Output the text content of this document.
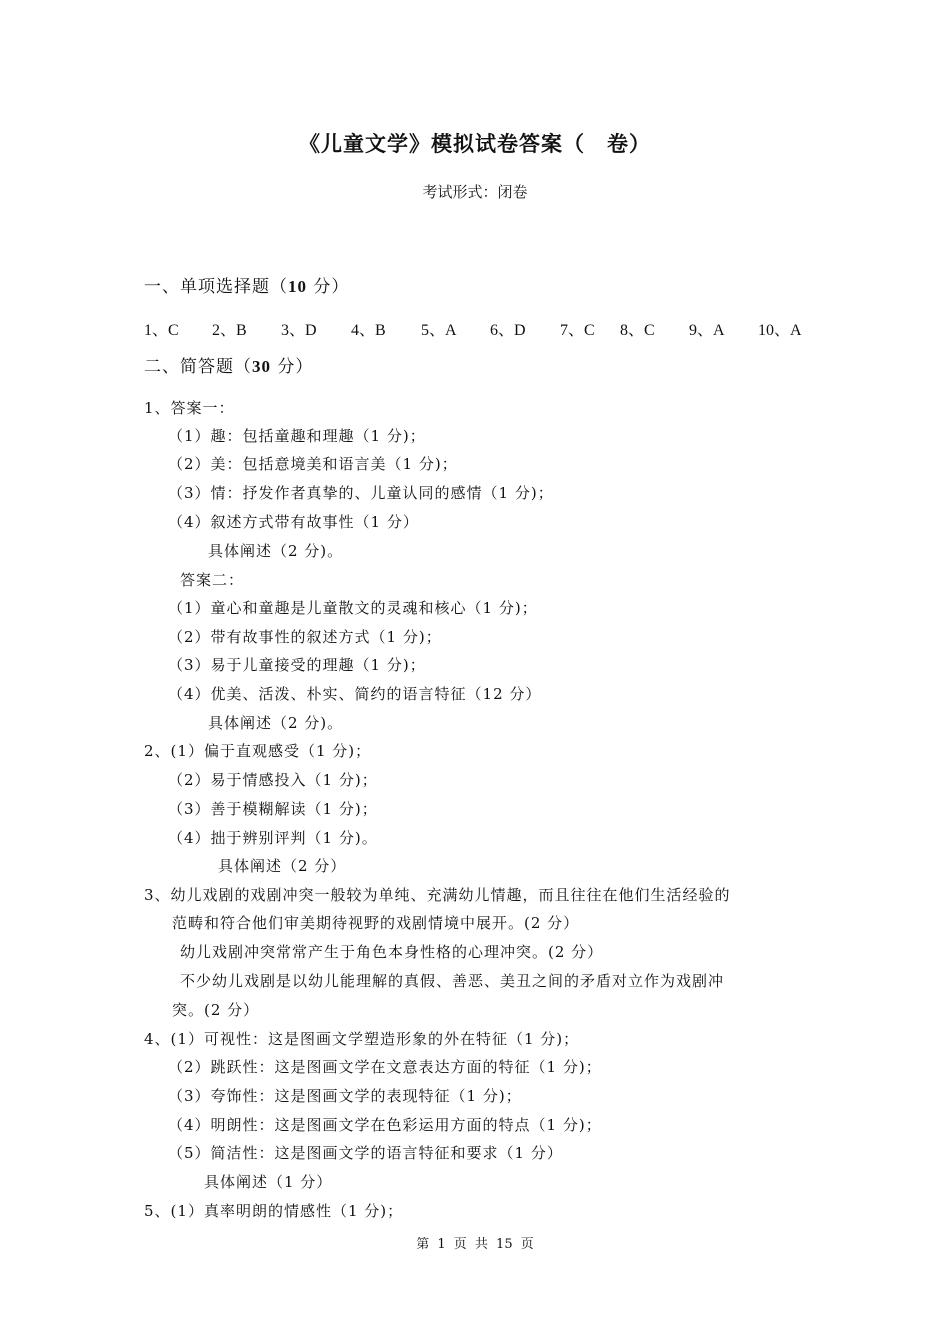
《儿童文学》模拟试卷答案（　卷）
考试形式：闭卷
一、单项选择题（10 分）
1、C 2、B 3、D 4、B 5、A 6、D 7、C 8、C 9、A 10、A
二、简答题（30 分）
1、答案一：
（1）趣：包括童趣和理趣（1 分)；
（2）美：包括意境美和语言美（1 分)；
（3）情：抒发作者真挚的、儿童认同的感情（1 分)；
（4）叙述方式带有故事性（1 分）
具体阐述（2 分)。
答案二：
（1）童心和童趣是儿童散文的灵魂和核心（1 分)；
（2）带有故事性的叙述方式（1 分)；
（3）易于儿童接受的理趣（1 分)；
（4）优美、活泼、朴实、简约的语言特征（12 分）
具体阐述（2 分)。
2、(1）偏于直观感受（1 分)；
（2）易于情感投入（1 分)；
（3）善于模糊解读（1 分)；
（4）拙于辨别评判（1 分)。
具体阐述（2 分）
3、幼儿戏剧的戏剧冲突一般较为单纯、充满幼儿情趣，而且往往在他们生活经验的
范畴和符合他们审美期待视野的戏剧情境中展开。(2 分）
幼儿戏剧冲突常常产生于角色本身性格的心理冲突。(2 分）
不少幼儿戏剧是以幼儿能理解的真假、善恶、美丑之间的矛盾对立作为戏剧冲
突。(2 分）
4、(1）可视性：这是图画文学塑造形象的外在特征（1 分)；
（2）跳跃性：这是图画文学在文意表达方面的特征（1 分)；
（3）夸饰性：这是图画文学的表现特征（1 分)；
（4）明朗性：这是图画文学在色彩运用方面的特点（1 分)；
（5）简洁性：这是图画文学的语言特征和要求（1 分）
具体阐述（1 分）
5、(1）真率明朗的情感性（1 分)；
第 1 页 共 15 页
